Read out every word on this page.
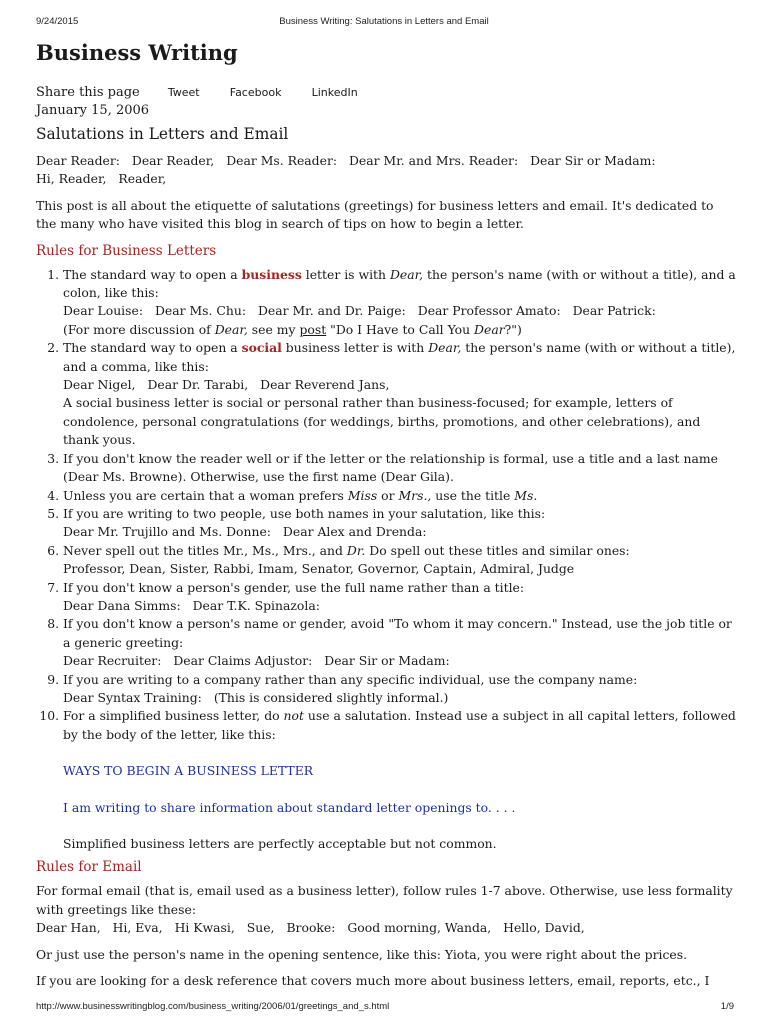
9/24/2015	Business Writing: Salutations in Letters and Email
Business Writing
Share this page	Tweet	Facebook	LinkedIn
January 15, 2006
Salutations in Letters and Email

Dear Reader: Dear Reader, Dear Ms. Reader: Dear Mr. and Mrs. Reader: Dear Sir or Madam: Hi, Reader, Reader,

This post is all about the etiquette of salutations (greetings) for business letters and email. It's dedicated to the many who have visited this blog in search of tips on how to begin a letter.

Rules for Business Letters
1. The standard way to open a business letter is with Dear, the person's name (with or without a title), and a colon, like this:
Dear Louise: Dear Ms. Chu: Dear Mr. and Dr. Paige: Dear Professor Amato: Dear Patrick:
(For more discussion of Dear, see my post "Do I Have to Call You Dear?")
2. The standard way to open a social business letter is with Dear, the person's name (with or without a title), and a comma, like this:
Dear Nigel, Dear Dr. Tarabi, Dear Reverend Jans,
A social business letter is social or personal rather than business-focused; for example, letters of condolence, personal congratulations (for weddings, births, promotions, and other celebrations), and thank yous.
3. If you don't know the reader well or if the letter or the relationship is formal, use a title and a last name (Dear Ms. Browne). Otherwise, use the first name (Dear Gila).
4. Unless you are certain that a woman prefers Miss or Mrs., use the title Ms.
5. If you are writing to two people, use both names in your salutation, like this:
Dear Mr. Trujillo and Ms. Donne: Dear Alex and Drenda:
6. Never spell out the titles Mr., Ms., Mrs., and Dr. Do spell out these titles and similar ones:
Professor, Dean, Sister, Rabbi, Imam, Senator, Governor, Captain, Admiral, Judge
7. If you don't know a person's gender, use the full name rather than a title:
Dear Dana Simms: Dear T.K. Spinazola:
8. If you don't know a person's name or gender, avoid "To whom it may concern." Instead, use the job title or a generic greeting:
Dear Recruiter: Dear Claims Adjustor: Dear Sir or Madam:
9. If you are writing to a company rather than any specific individual, use the company name:
Dear Syntax Training: (This is considered slightly informal.)
10. For a simplified business letter, do not use a salutation. Instead use a subject in all capital letters, followed by the body of the letter, like this:
WAYS TO BEGIN A BUSINESS LETTER
I am writing to share information about standard letter openings to. . . .
Simplified business letters are perfectly acceptable but not common.
Rules for Email

For formal email (that is, email used as a business letter), follow rules 1-7 above. Otherwise, use less formality with greetings like these:

Dear Han, Hi, Eva, Hi Kwasi, Sue, Brooke: Good morning, Wanda, Hello, David,

Or just use the person's name in the opening sentence, like this: Yiota, you were right about the prices.

If you are looking for a desk reference that covers much more about business letters, email, reports, etc., I

http://www.businesswritingblog.com/business_writing/2006/01/greetings_and_s.html	1/9
